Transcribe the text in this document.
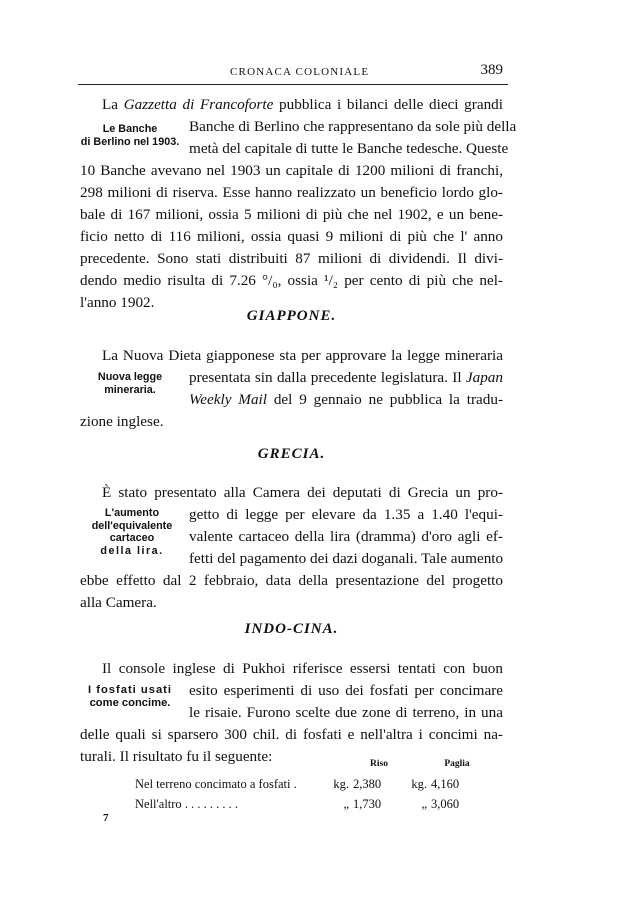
CRONACA COLONIALE	389
Le Banche
di Berlino nel 1903.
La Gazzetta di Francoforte pubblica i bilanci delle dieci grandi
Banche di Berlino che rappresentano da sole più della
metà del capitale di tutte le Banche tedesche. Queste
10 Banche avevano nel 1903 un capitale di 1200 milioni di franchi,
298 milioni di riserva. Esse hanno realizzato un beneficio lordo glo-
bale di 167 milioni, ossia 5 milioni di più che nel 1902, e un bene-
ficio netto di 116 milioni, ossia quasi 9 milioni di più che l' anno
precedente. Sono stati distribuiti 87 milioni di dividendi. Il divi-
dendo medio risulta di 7.26 °/₀, ossia ¹/₂ per cento di più che nel-
l'anno 1902.
GIAPPONE.
Nuova legge
mineraria.
La Nuova Dieta giapponese sta per approvare la legge mineraria
presentata sin dalla precedente legislatura. Il Japan
Weekly Mail del 9 gennaio ne pubblica la tradu-
zione inglese.
GRECIA.
L'aumento
dell'equivalente
cartaceo
della lira.
È stato presentato alla Camera dei deputati di Grecia un pro-
getto di legge per elevare da 1.35 a 1.40 l'equi-
valente cartaceo della lira (dramma) d'oro agli ef-
fetti del pagamento dei dazi doganali. Tale aumento
ebbe effetto dal 2 febbraio, data della presentazione del progetto
alla Camera.
INDO-CINA.
I fosfati usati
come concime.
Il console inglese di Pukhoi riferisce essersi tentati con buon
esito esperimenti di uso dei fosfati per concimare
le risaie. Furono scelte due zone di terreno, in una
delle quali si sparsero 300 chil. di fosfati e nell'altra i concimi na-
turali. Il risultato fu il seguente:
			Riso		Paglia
Nel terreno concimato a fosfati .	kg.	2,380	kg.	4,160
Nell'altro . . . . . . . . .	„	1,730	„	3,060
7
